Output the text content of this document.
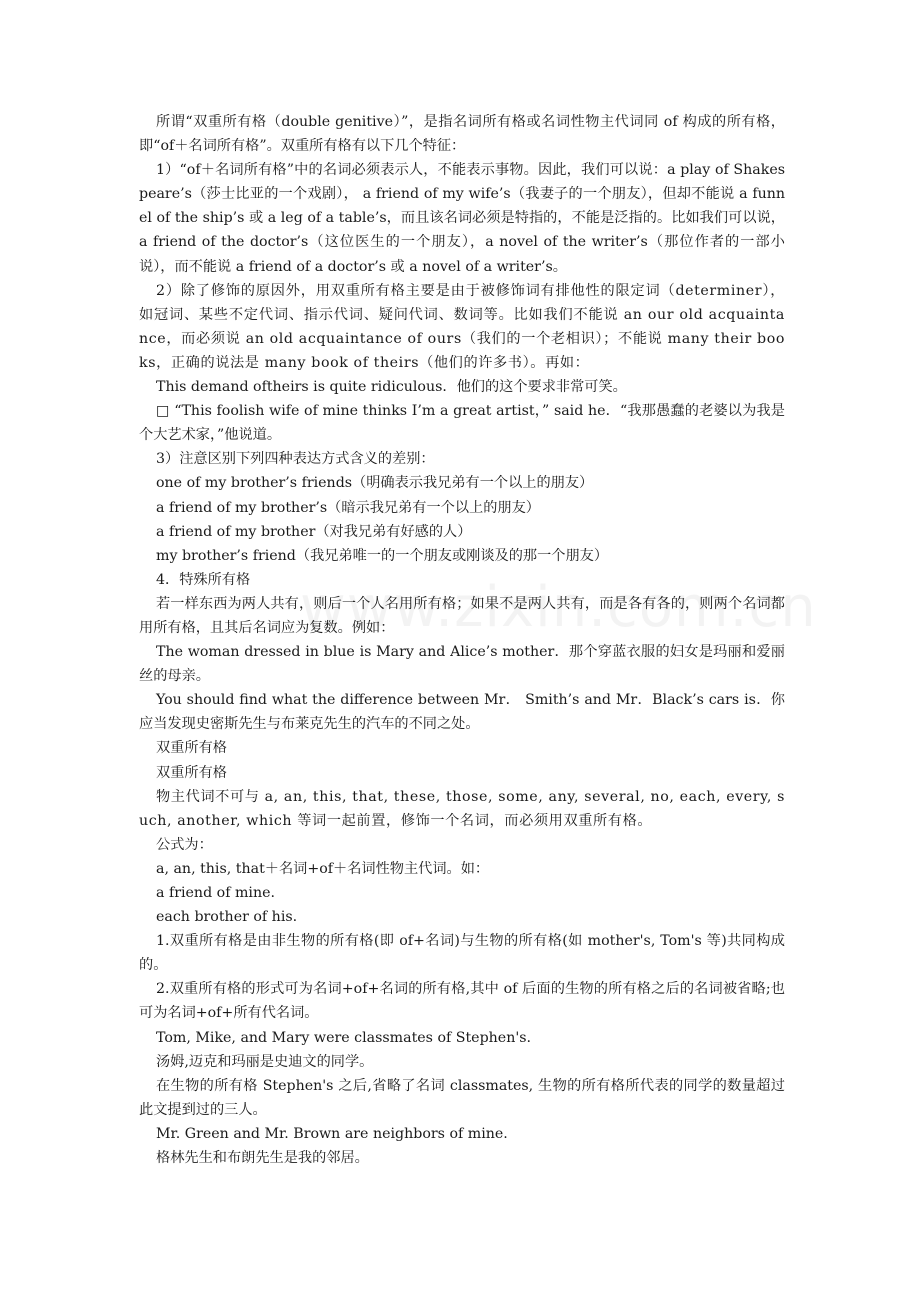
所谓“双重所有格（double genitive）”，是指名词所有格或名词性物主代词同 of 构成的所有格，即“of＋名词所有格”。双重所有格有以下几个特征：

1）“of＋名词所有格”中的名词必须表示人，不能表示事物。因此，我们可以说：a play of Shakespeare’s（莎士比亚的一个戏剧）， a friend of my wife’s（我妻子的一个朋友），但却不能说 a funnel of the ship’s 或 a leg of a table’s，而且该名词必须是特指的，不能是泛指的。比如我们可以说，a friend of the doctor’s（这位医生的一个朋友），a novel of the writer’s（那位作者的一部小说），而不能说 a friend of a doctor’s 或 a novel of a writer’s。

2）除了修饰的原因外，用双重所有格主要是由于被修饰词有排他性的限定词（determiner），如冠词、某些不定代词、指示代词、疑问代词、数词等。比如我们不能说 an our old acquaintance，而必须说 an old acquaintance of ours（我们的一个老相识）；不能说 many their books，正确的说法是 many book of theirs（他们的许多书）。再如：

This demand oftheirs is quite ridiculous．他们的这个要求非常可笑。

□ “This foolish wife of mine thinks I’m a great artist，” said he．“我那愚蠢的老婆以为我是个大艺术家，”他说道。

3）注意区别下列四种表达方式含义的差别：

one of my brother’s friends（明确表示我兄弟有一个以上的朋友）

a friend of my brother’s（暗示我兄弟有一个以上的朋友）

a friend of my brother（对我兄弟有好感的人）

my brother’s friend（我兄弟唯一的一个朋友或刚谈及的那一个朋友）

4．特殊所有格

若一样东西为两人共有，则后一个人名用所有格；如果不是两人共有，而是各有各的，则两个名词都用所有格，且其后名词应为复数。例如：

The woman dressed in blue is Mary and Alice’s mother．那个穿蓝衣服的妇女是玛丽和爱丽丝的母亲。

You should find what the difference between Mr． Smith’s and Mr．Black’s cars is．你应当发现史密斯先生与布莱克先生的汽车的不同之处。

双重所有格

双重所有格

物主代词不可与 a, an, this, that, these, those, some, any, several, no, each, every, such, another, which 等词一起前置，修饰一个名词，而必须用双重所有格。

公式为：

a, an, this, that＋名词+of＋名词性物主代词。如：

a friend of mine.

each brother of his.

1.双重所有格是由非生物的所有格(即 of+名词)与生物的所有格(如 mother's, Tom's 等)共同构成的。

2.双重所有格的形式可为名词+of+名词的所有格,其中 of 后面的生物的所有格之后的名词被省略;也可为名词+of+所有代名词。

Tom, Mike, and Mary were classmates of Stephen's.

汤姆,迈克和玛丽是史迪文的同学。

在生物的所有格 Stephen's 之后,省略了名词 classmates, 生物的所有格所代表的同学的数量超过此文提到过的三人。

Mr. Green and Mr. Brown are neighbors of mine.

格林先生和布朗先生是我的邻居。
